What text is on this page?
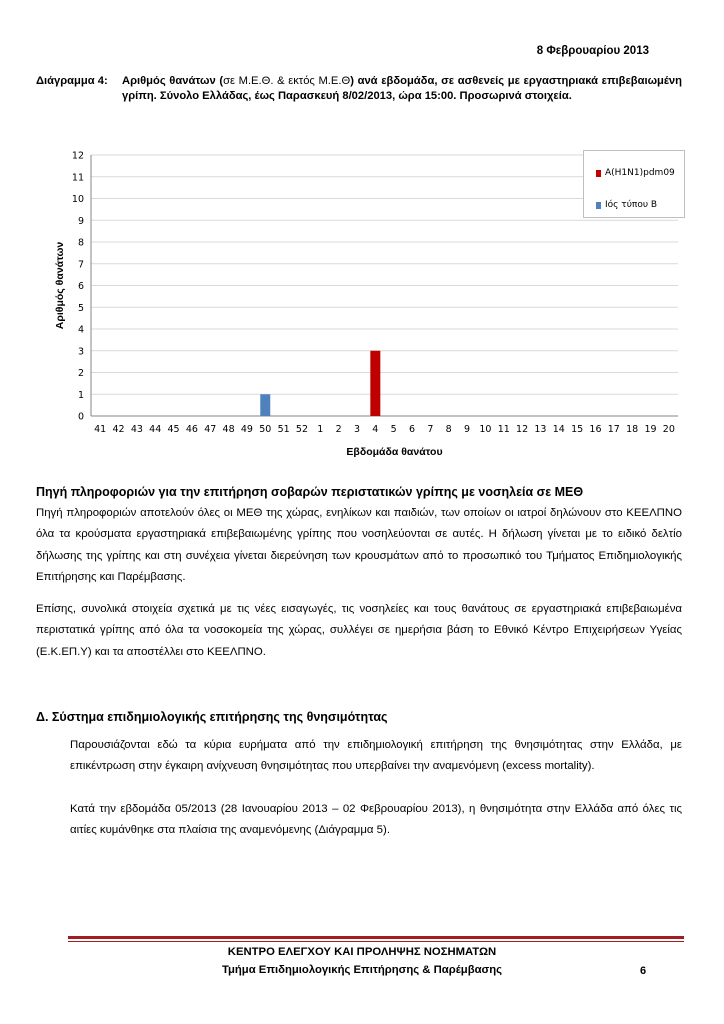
8 Φεβρουαρίου 2013
Διάγραμμα 4:	Αριθμός θανάτων (σε Μ.Ε.Θ. & εκτός Μ.Ε.Θ) ανά εβδομάδα, σε ασθενείς με εργαστηριακά επιβεβαιωμένη γρίπη. Σύνολο Ελλάδας, έως Παρασκευή 8/02/2013, ώρα 15:00. Προσωρινά στοιχεία.
0
1
2
3
4
5
6
7
8
9
10
11
12
41 42 43 44 45 46 47 48 49 50 51 52 1 2 3 4 5 6 7 8 9 10 11 12 13 14 15 16 17 18 19 20
Εβδομάδα θανάτου
Αριθμός θανάτων
A(H1N1)pdm09
Ιός τύπου Β
Πηγή πληροφοριών για την επιτήρηση σοβαρών περιστατικών γρίπης με νοσηλεία σε ΜΕΘ
Πηγή πληροφοριών αποτελούν όλες οι ΜΕΘ της χώρας, ενηλίκων και παιδιών, των οποίων οι ιατροί δηλώνουν στο ΚΕΕΛΠΝΟ όλα τα κρούσματα εργαστηριακά επιβεβαιωμένης γρίπης που νοσηλεύονται σε αυτές. Η δήλωση γίνεται με το ειδικό δελτίο δήλωσης της γρίπης και στη συνέχεια γίνεται διερεύνηση των κρουσμάτων από το προσωπικό του Τμήματος Επιδημιολογικής Επιτήρησης και Παρέμβασης.
Επίσης, συνολικά στοιχεία σχετικά με τις νέες εισαγωγές, τις νοσηλείες και τους θανάτους σε εργαστηριακά επιβεβαιωμένα περιστατικά γρίπης από όλα τα νοσοκομεία της χώρας, συλλέγει σε ημερήσια βάση το Εθνικό Κέντρο Επιχειρήσεων Υγείας (Ε.Κ.ΕΠ.Υ) και τα αποστέλλει στο ΚΕΕΛΠΝΟ.
Δ. Σύστημα επιδημιολογικής επιτήρησης της θνησιμότητας
Παρουσιάζονται εδώ τα κύρια ευρήματα από την επιδημιολογική επιτήρηση της θνησιμότητας στην Ελλάδα, με επικέντρωση στην έγκαιρη ανίχνευση θνησιμότητας που υπερβαίνει την αναμενόμενη (excess mortality).
Κατά την εβδομάδα 05/2013 (28 Ιανουαρίου 2013 – 02 Φεβρουαρίου 2013), η θνησιμότητα στην Ελλάδα από όλες τις αιτίες κυμάνθηκε στα πλαίσια της αναμενόμενης (Διάγραμμα 5).
ΚΕΝΤΡΟ ΕΛΕΓΧΟΥ ΚΑΙ ΠΡΟΛΗΨΗΣ ΝΟΣΗΜΑΤΩΝ
Τμήμα Επιδημιολογικής Επιτήρησης & Παρέμβασης	6
